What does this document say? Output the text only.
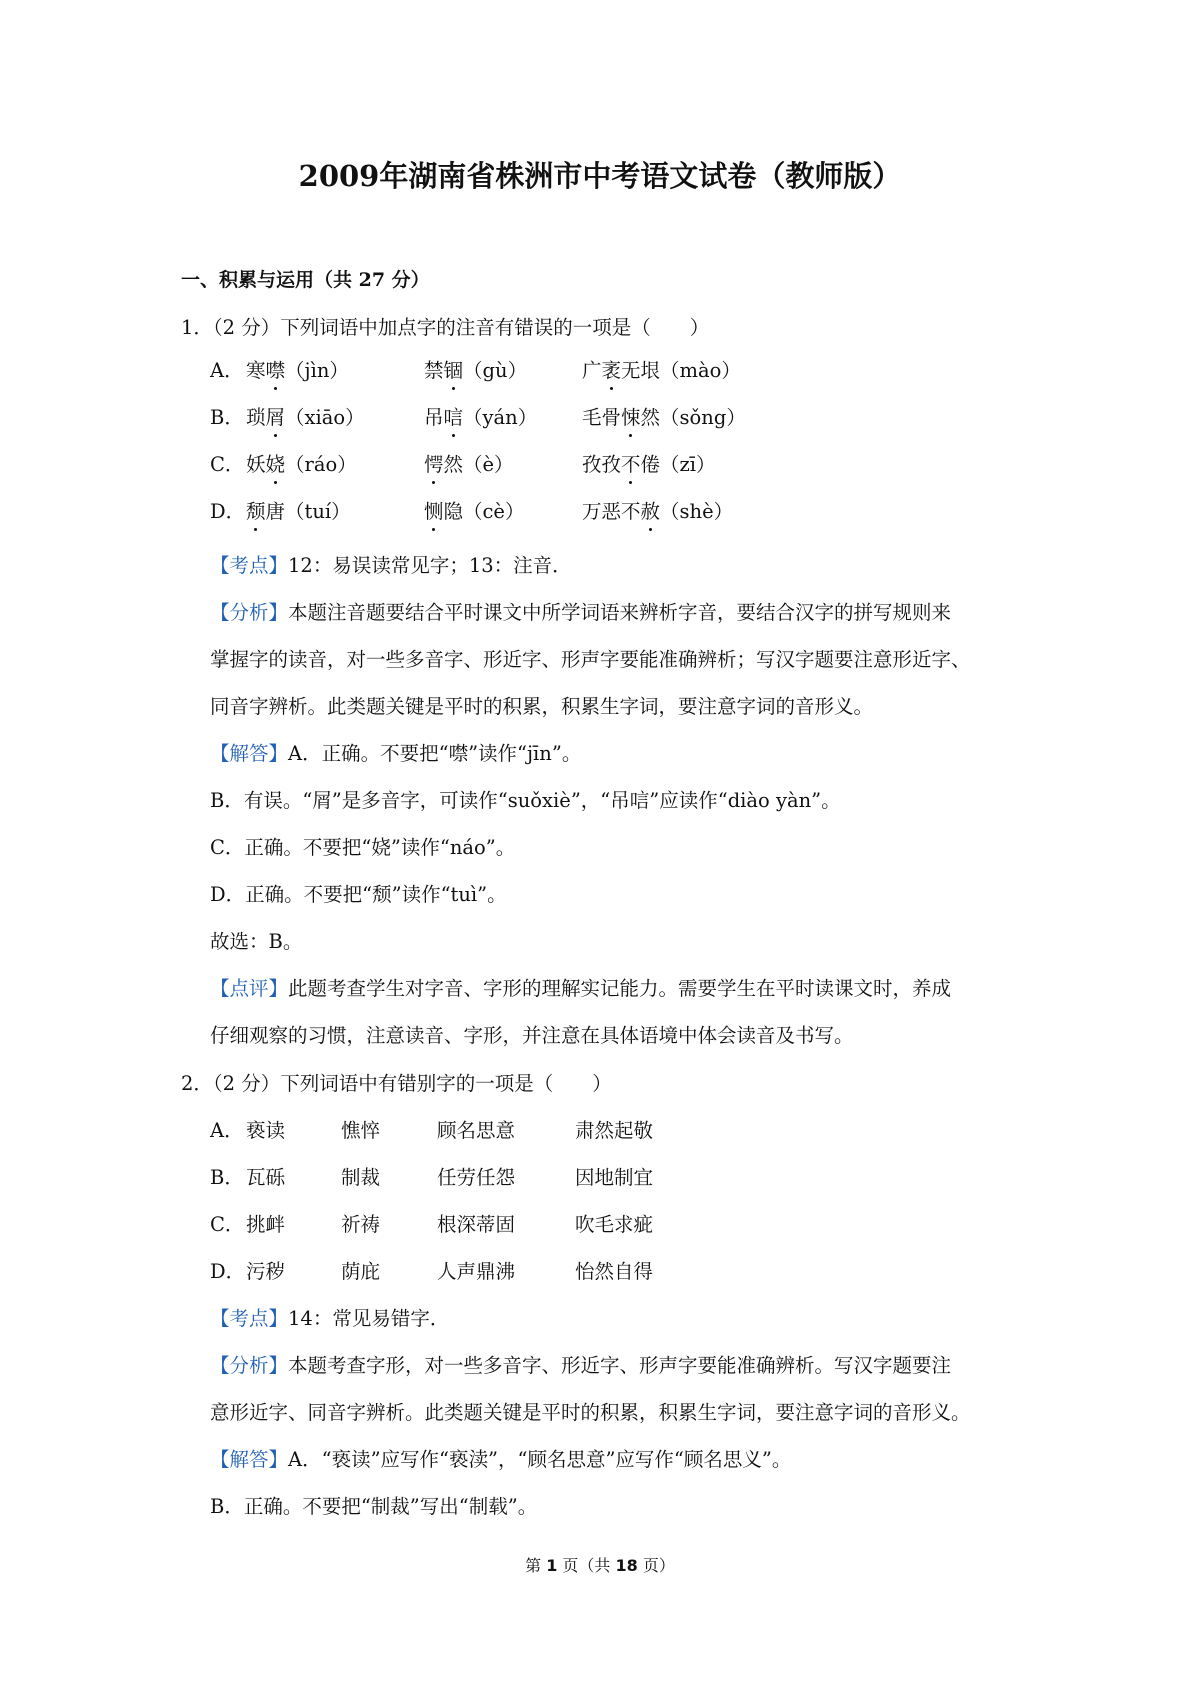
2009年湖南省株洲市中考语文试卷（教师版）
一、积累与运用（共 27 分）
1．（2 分）下列词语中加点字的注音有错误的一项是（　　）
A． 寒噤（jìn）	禁锢（gù）	广袤无垠（mào）
B． 琐屑（xiāo）	吊唁（yán） 毛骨悚然（sǒng）
C． 妖娆（ráo）	愕然（è）	孜孜不倦（zī）
D． 颓唐（tuí）	恻隐（cè）	万恶不赦（shè）
【考点】12：易误读常见字；13：注音．
【分析】本题注音题要结合平时课文中所学词语来辨析字音，要结合汉字的拼写规则来
掌握字的读音，对一些多音字、形近字、形声字要能准确辨析；写汉字题要注意形近字、
同音字辨析。此类题关键是平时的积累，积累生字词，要注意字词的音形义。
【解答】A．正确。不要把“噤”读作“jīn”。
B．有误。“屑”是多音字，可读作“suǒxiè”，“吊唁”应读作“diào yàn”。
C．正确。不要把“娆”读作“náo”。
D．正确。不要把“颓”读作“tuì”。
故选：B。
【点评】此题考查学生对字音、字形的理解实记能力。需要学生在平时读课文时，养成
仔细观察的习惯，注意读音、字形，并注意在具体语境中体会读音及书写。
2．（2 分）下列词语中有错别字的一项是（　　）
A． 亵读	憔悴	顾名思意	肃然起敬
B． 瓦砾	制裁	任劳任怨	因地制宜
C． 挑衅	祈祷	根深蒂固	吹毛求疵
D． 污秽	荫庇	人声鼎沸	怡然自得
【考点】14：常见易错字．
【分析】本题考查字形，对一些多音字、形近字、形声字要能准确辨析。写汉字题要注
意形近字、同音字辨析。此类题关键是平时的积累，积累生字词，要注意字词的音形义。
【解答】A．“亵读”应写作“亵渎”，“顾名思意”应写作“顾名思义”。
B．正确。不要把“制裁”写出“制载”。
第 1 页（共 18 页）
